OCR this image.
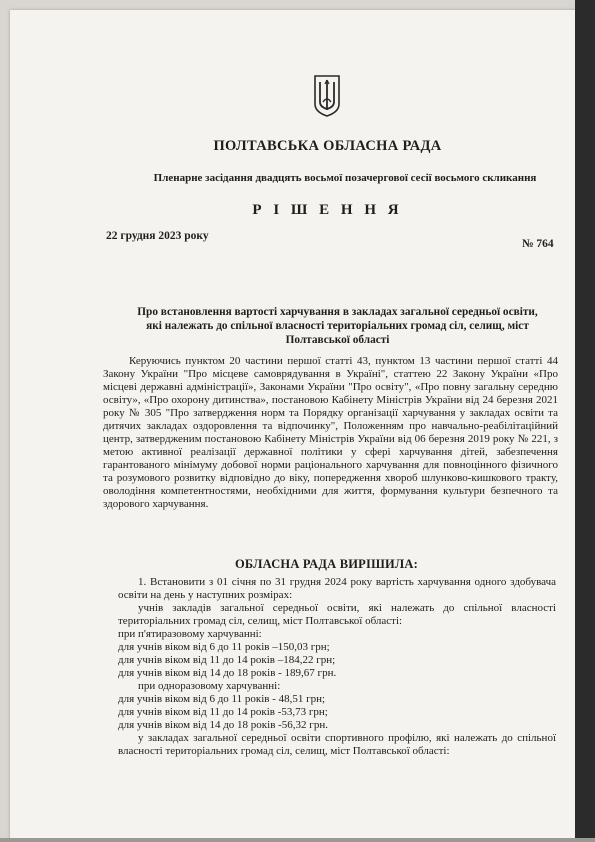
ПОЛТАВСЬКА ОБЛАСНА РАДА
Пленарне засідання двадцять восьмої позачергової сесії восьмого скликання
Р І Ш Е Н Н Я
22 грудня 2023 року
№ 764
Про встановлення вартості харчування в закладах загальної середньої освіти,
які належать до спільної власності територіальних громад сіл, селищ, міст
Полтавської області

Керуючись пунктом 20 частини першої статті 43, пунктом 13 частини першої статті 44 Закону України "Про місцеве самоврядування в Україні", статтею 22 Закону України «Про місцеві державні адміністрації», Законами України "Про освіту", «Про повну загальну середню освіту», «Про охорону дитинства», постановою Кабінету Міністрів України від 24 березня 2021 року № 305 "Про затвердження норм та Порядку організації харчування у закладах освіти та дитячих закладах оздоровлення та відпочинку", Положенням про навчально-реабілітаційний центр, затвердженим постановою Кабінету Міністрів України від 06 березня 2019 року № 221, з метою активної реалізації державної політики у сфері харчування дітей, забезпечення гарантованого мінімуму добової норми раціонального харчування для повноцінного фізичного та розумового розвитку відповідно до віку, попередження хвороб шлунково-кишкового тракту, оволодіння компетентностями, необхідними для життя, формування культури безпечного та здорового харчування.

ОБЛАСНА РАДА ВИРІШИЛА:

1. Встановити з 01 січня по 31 грудня 2024 року вартість харчування одного здобувача освіти на день у наступних розмірах:

учнів закладів загальної середньої освіти, які належать до спільної власності територіальних громад сіл, селищ, міст Полтавської області:

при п'ятиразовому харчуванні:

для учнів віком від 6 до 11 років –150,03 грн;

для учнів віком від 11 до 14 років –184,22 грн;

для учнів віком від 14 до 18 років - 189,67 грн.

при одноразовому харчуванні:

для учнів віком від 6 до 11 років - 48,51 грн;

для учнів віком від 11 до 14 років -53,73 грн;

для учнів віком від 14 до 18 років -56,32 грн.

у закладах загальної середньої освіти спортивного профілю, які належать до спільної власності територіальних громад сіл, селищ, міст Полтавської області:
